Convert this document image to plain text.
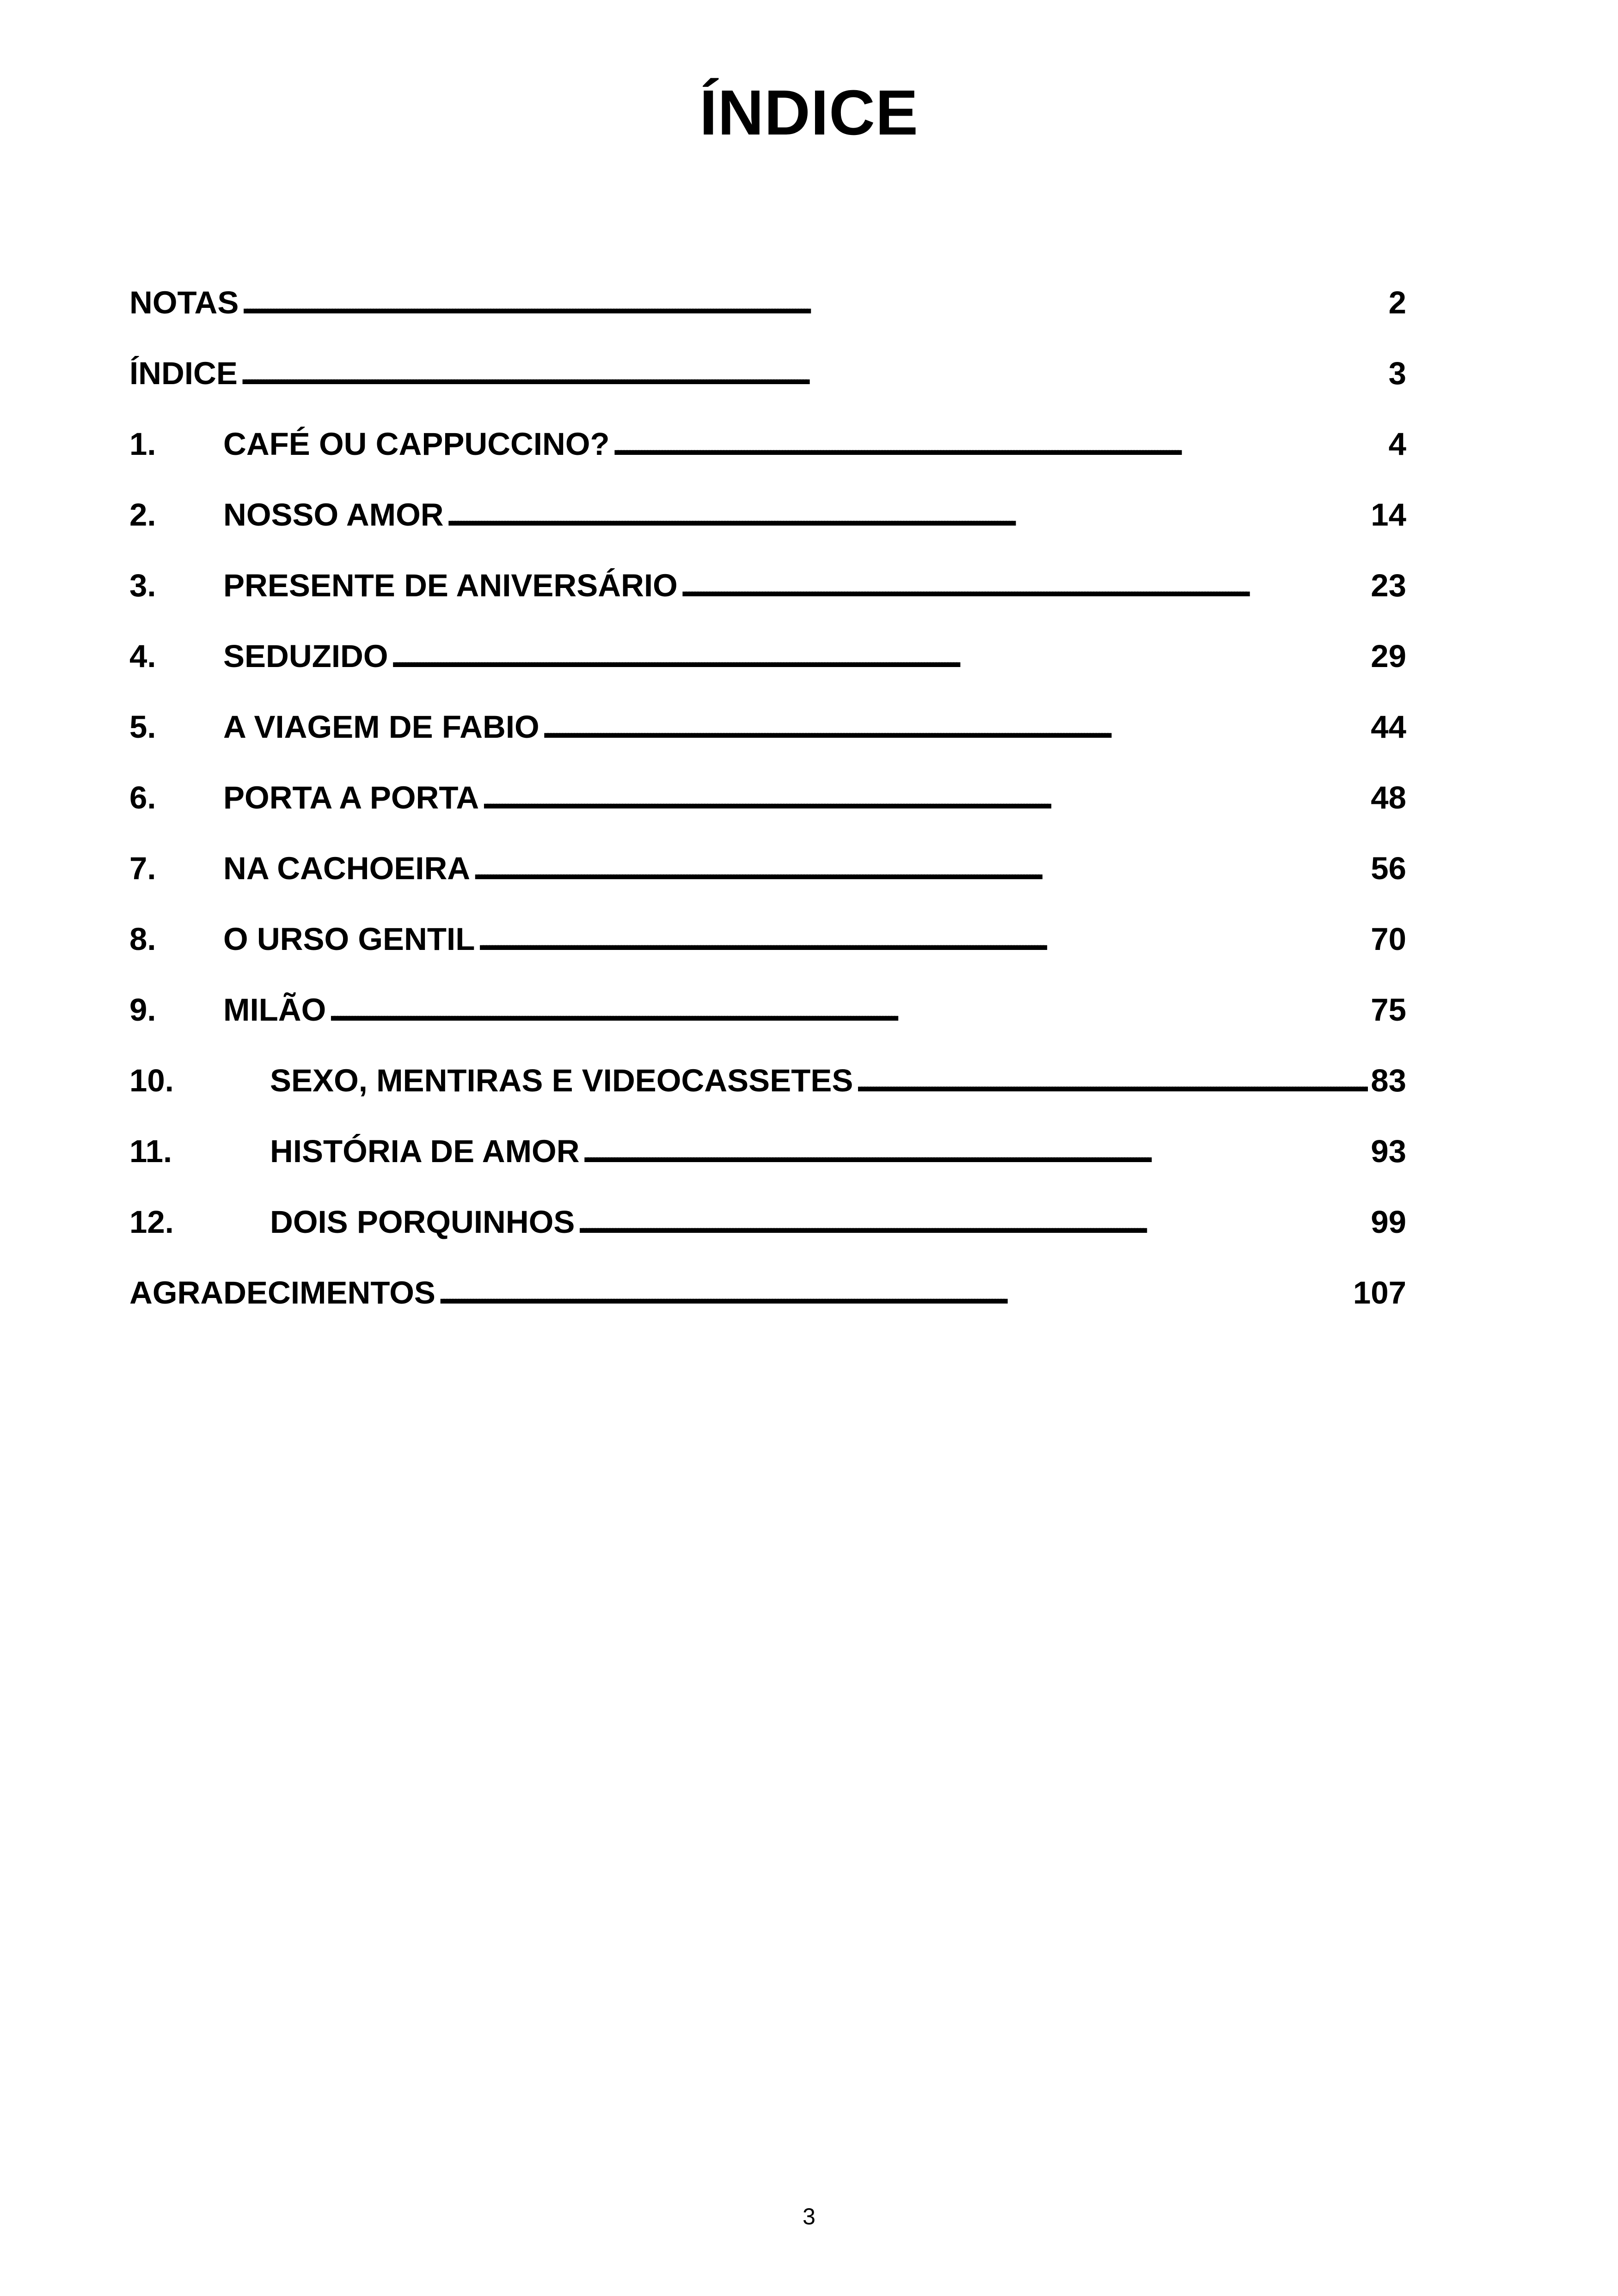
ÍNDICE
NOTAS . . .	2
ÍNDICE . . .	3
1.	CAFÉ OU CAPPUCCINO? . . .	4
2.	NOSSO AMOR . . .	14
3.	PRESENTE DE ANIVERSÁRIO . . .	23
4.	SEDUZIDO . . .	29
5.	A VIAGEM DE FABIO . . .	44
6.	PORTA A PORTA . . .	48
7.	NA CACHOEIRA . . .	56
8.	O URSO GENTIL . . .	70
9.	MILÃO . . .	75
10.	SEXO, MENTIRAS E VIDEOCASSETES . . .	83
11.	HISTÓRIA DE AMOR . . .	93
12.	DOIS PORQUINHOS . . .	99
AGRADECIMENTOS . . .	107
3
